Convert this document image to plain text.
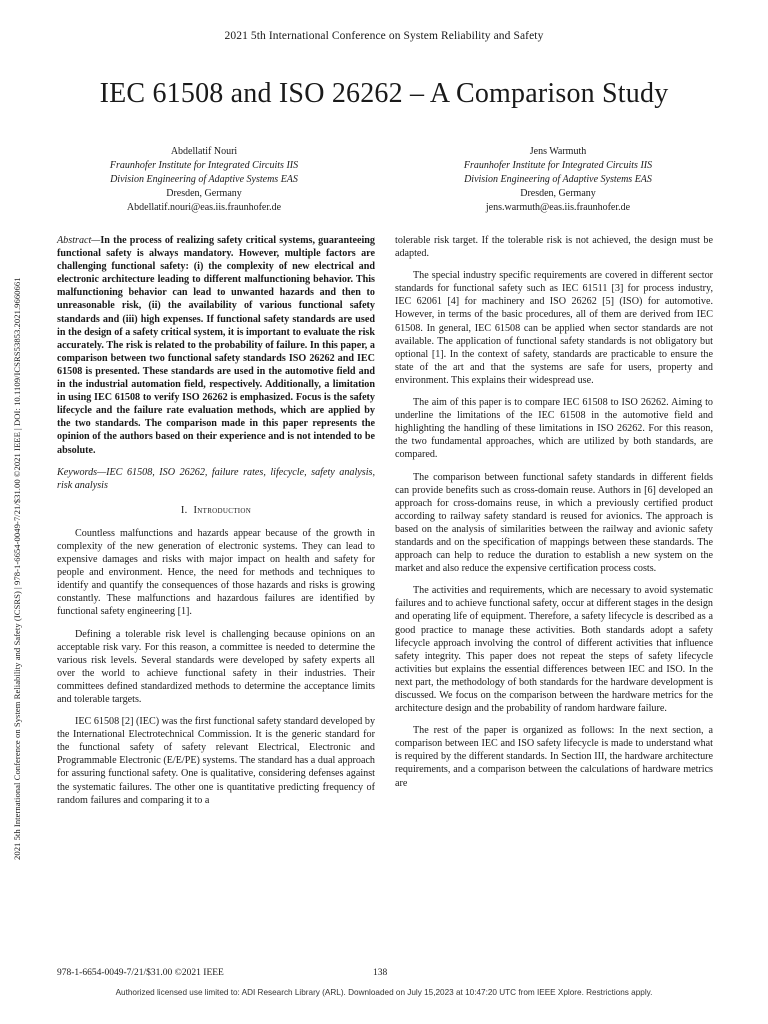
2021 5th International Conference on System Reliability and Safety
IEC 61508 and ISO 26262 – A Comparison Study
Abdellatif Nouri
Fraunhofer Institute for Integrated Circuits IIS
Division Engineering of Adaptive Systems EAS
Dresden, Germany
Abdellatif.nouri@eas.iis.fraunhofer.de
Jens Warmuth
Fraunhofer Institute for Integrated Circuits IIS
Division Engineering of Adaptive Systems EAS
Dresden, Germany
jens.warmuth@eas.iis.fraunhofer.de
2021 5th International Conference on System Reliability and Safety (ICSRS) | 978-1-6654-0049-7/21/$31.00 ©2021 IEEE | DOI: 10.1109/ICSRS53853.2021.9660661

Abstract—In the process of realizing safety critical systems, guaranteeing functional safety is always mandatory. However, multiple factors are challenging functional safety: (i) the complexity of new electrical and electronic architecture leading to different malfunctioning behavior. This malfunctioning behavior can lead to unwanted hazards and then to unreasonable risk, (ii) the availability of various functional safety standards and (iii) high expenses. If functional safety standards are used in the design of a safety critical system, it is important to evaluate the risk accurately. The risk is related to the probability of failure. In this paper, a comparison between two functional safety standards ISO 26262 and IEC 61508 is presented. These standards are used in the automotive field and in the industrial automation field, respectively. Additionally, a limitation in using IEC 61508 to verify ISO 26262 is emphasized. Focus is the safety lifecycle and the failure rate evaluation methods, which are applied by the two standards. The comparison made in this paper represents the opinion of the authors based on their experience and is not intended to be absolute.

Keywords—IEC 61508, ISO 26262, failure rates, lifecycle, safety analysis, risk analysis

I. Introduction

Countless malfunctions and hazards appear because of the growth in complexity of the new generation of electronic systems. They can lead to expensive damages and risks with major impact on health and safety for people and environment. Hence, the need for methods and techniques to identify and quantify the consequences of those hazards and risks is growing constantly. These malfunctions and hazardous failures are identified by functional safety engineering [1].

Defining a tolerable risk level is challenging because opinions on an acceptable risk vary. For this reason, a committee is needed to determine the various risk levels. Several standards were developed by safety experts all over the world to achieve functional safety in their industries. Their committees defined standardized methods to determine the acceptance limits and tolerable targets.

IEC 61508 [2] (IEC) was the first functional safety standard developed by the International Electrotechnical Commission. It is the generic standard for the functional safety of safety relevant Electrical, Electronic and Programmable Electronic (E/E/PE) systems. The standard has a dual approach for assuring functional safety. One is qualitative, considering defenses against the systematic failures. The other one is quantitative predicting frequency of random failures and comparing it to a

tolerable risk target. If the tolerable risk is not achieved, the design must be adapted.

The special industry specific requirements are covered in different sector standards for functional safety such as IEC 61511 [3] for process industry, IEC 62061 [4] for machinery and ISO 26262 [5] (ISO) for automotive. However, in terms of the basic procedures, all of them are derived from IEC 61508. In general, IEC 61508 can be applied when sector standards are not available. The application of functional safety standards is not obligatory but optional [1]. In the context of safety, standards are practicable to ensure the state of the art and that the systems are safe for users, property and environment. This explains their widespread use.

The aim of this paper is to compare IEC 61508 to ISO 26262. Aiming to underline the limitations of the IEC 61508 in the automotive field and highlighting the handling of these limitations in ISO 26262. For this reason, the two fundamental approaches, which are utilized by both standards, are compared.

The comparison between functional safety standards in different fields can provide benefits such as cross-domain reuse. Authors in [6] developed an approach for cross-domains reuse, in which a previously certified product according to railway safety standard is reused for avionics. The approach is based on the analysis of similarities between the railway and avionic safety standards and on the specification of mappings between these standards. The approach can help to reduce the duration to establish a new system on the market and also reduce the expensive certification process costs.

The activities and requirements, which are necessary to avoid systematic failures and to achieve functional safety, occur at different stages in the design and operating life of equipment. Therefore, a safety lifecycle is described as a good practice to manage these activities. Both standards adopt a safety lifecycle approach involving the control of different activities that influence safety integrity. This paper does not repeat the steps of safety lifecycle activities but explains the essential differences between IEC and ISO. In the next part, the methodology of both standards for the hardware development is discussed. We focus on the comparison between the hardware metrics for the architecture design and the probability of random hardware failure.

The rest of the paper is organized as follows: In the next section, a comparison between IEC and ISO safety lifecycle is made to understand what is required by the different standards. In Section III, the hardware architecture requirements, and a comparison between the calculations of hardware metrics are

978-1-6654-0049-7/21/$31.00 ©2021 IEEE	138
Authorized licensed use limited to: ADI Research Library (ARL). Downloaded on July 15,2023 at 10:47:20 UTC from IEEE Xplore. Restrictions apply.
